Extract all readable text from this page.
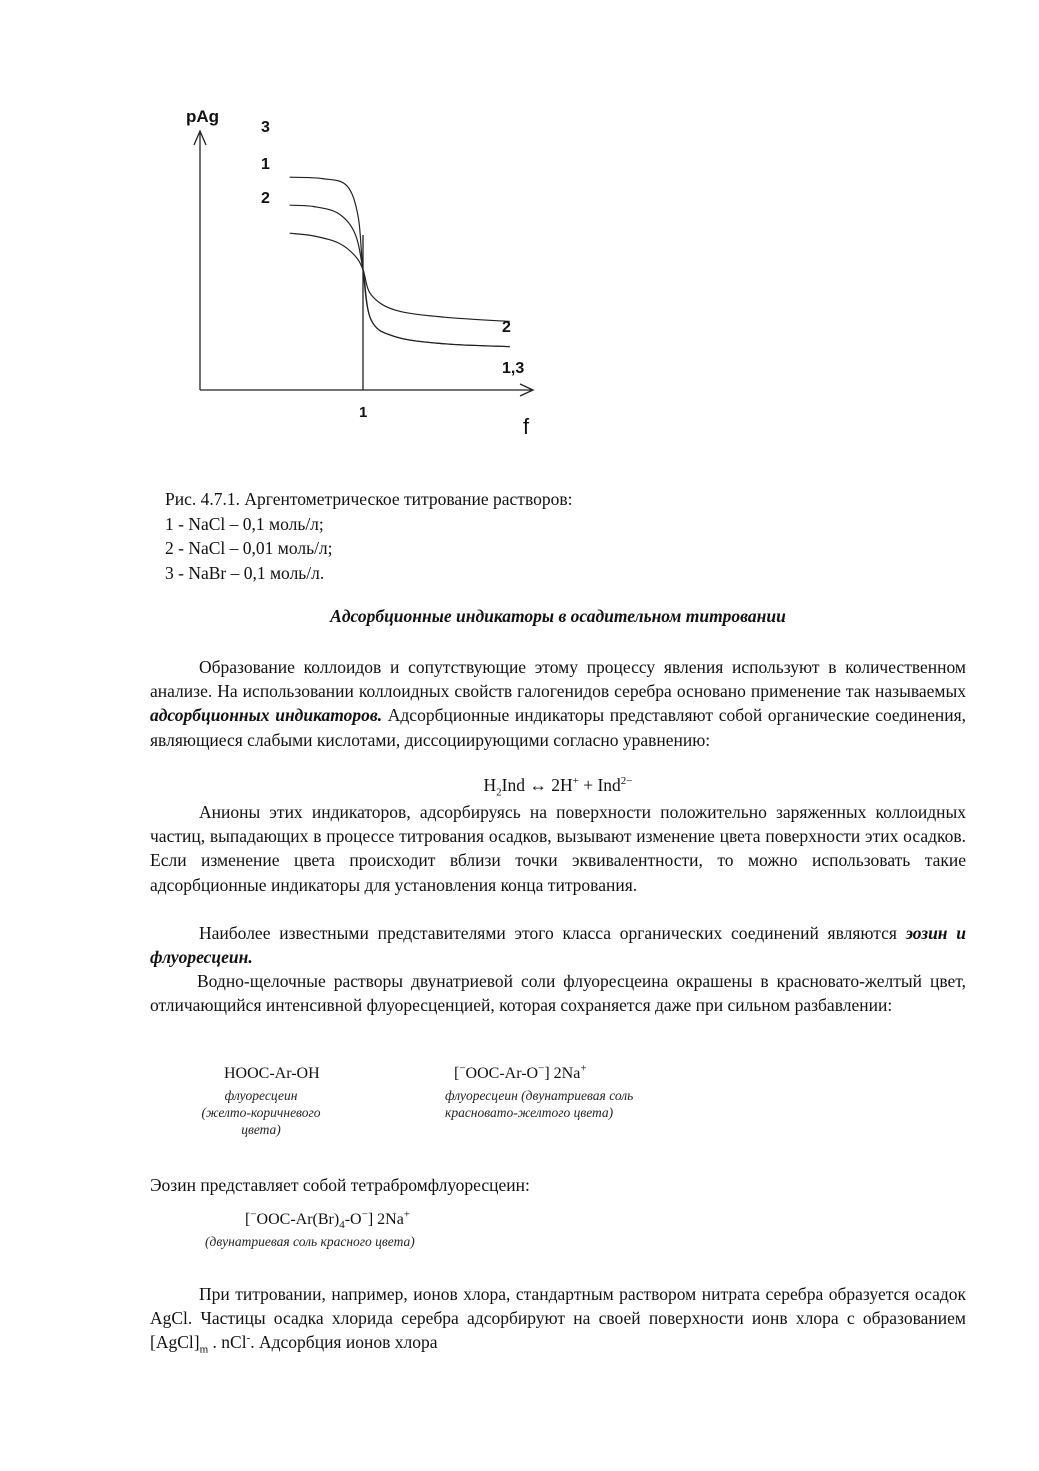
pAg
f
1
3
1
2
2
1,3
Рис. 4.7.1. Аргентометрическое титрование растворов:
1 - NaCl – 0,1 моль/л;
2 - NaCl – 0,01 моль/л;
3 - NaBr – 0,1 моль/л.
Адсорбционные индикаторы в осадительном титровании
Образование коллоидов и сопутствующие этому процессу явления используют в количественном анализе. На использовании коллоидных свойств галогенидов серебра основано применение так называемых адсорбционных индикаторов. Адсорбционные индикаторы представляют собой органические соединения, являющиеся слабыми кислотами, диссоциирующими согласно уравнению:
$H_2Ind$ ↔ 2H+ + Ind$^{2-}$
Анионы этих индикаторов, адсорбируясь на поверхности положительно заряженных коллоидных частиц, выпадающих в процессе титрования осадков, вызывают изменение цвета поверхности этих осадков. Если изменение цвета происходит вблизи точки эквивалентности, то можно использовать такие адсорбционные индикаторы для установления конца титрования.
Наиболее известными представителями этого класса органических соединений являются эозин и флуоресцеин.
Водно-щелочные растворы двунатриевой соли флуоресцеина окрашены в красновато-желтый цвет, отличающийся интенсивной флуоресценцией, которая сохраняется даже при сильном разбавлении:
HOOC-Ar-OH
флуоресцеин
(желто-коричневого
цвета)
[−OOC-Ar-O−] 2Na+
флуоресцеин (двунатриевая соль
красновато-желтого цвета)
Эозин представляет собой тетрабромфлуоресцеин:
$[^-OOC-Ar(Br)_4-O^-]$ 2Na+
(двунатриевая соль красного цвета)
При титровании, например, ионов хлора, стандартным раствором нитрата серебра образуется осадок AgCl. Частицы осадка хлорида серебра адсорбируют на своей поверхности ионв хлора с образованием $[AgCl]_m$ . nCl-. Адсорбция ионов хлора
